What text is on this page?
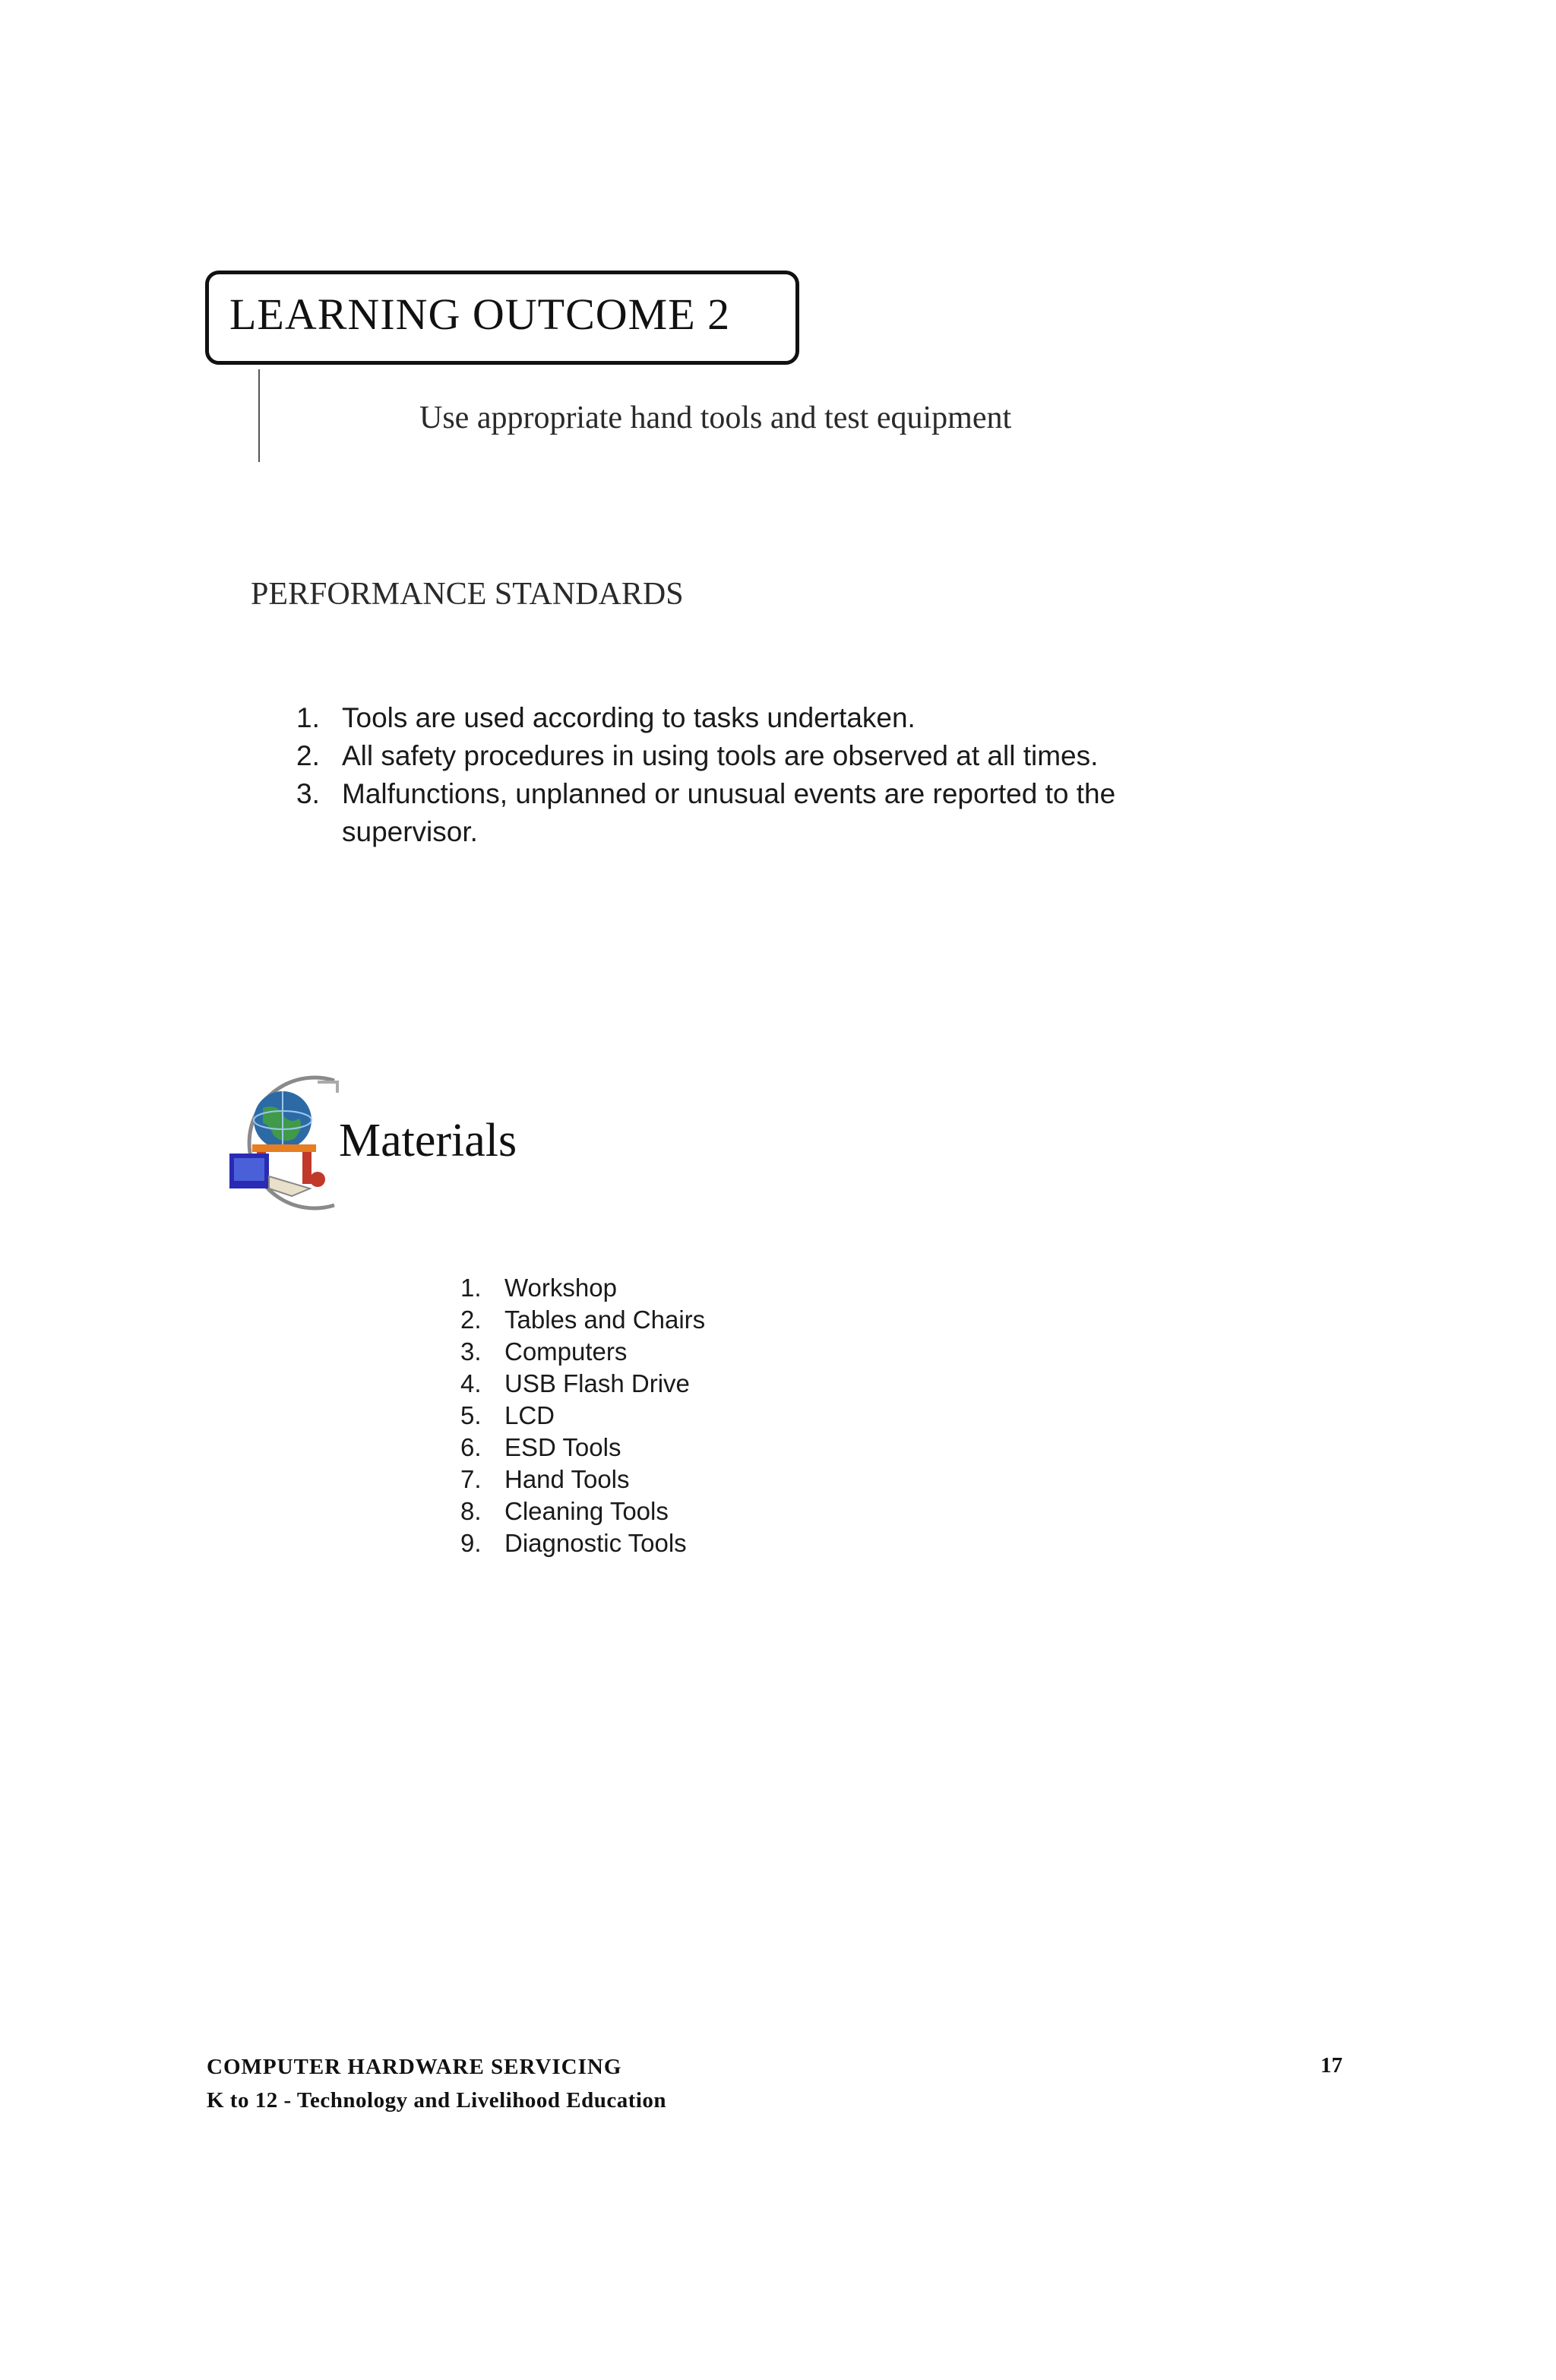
LEARNING OUTCOME 2
Use appropriate hand tools and test equipment
PERFORMANCE STANDARDS
1. Tools are used according to tasks undertaken.
2. All safety procedures in using tools are observed at all times.
3. Malfunctions, unplanned or unusual events are reported to the supervisor.
Materials
1. Workshop
2. Tables and Chairs
3. Computers
4. USB Flash Drive
5. LCD
6. ESD Tools
7. Hand Tools
8. Cleaning Tools
9. Diagnostic Tools
COMPUTER HARDWARE SERVICING
K to 12 - Technology and Livelihood Education
17
